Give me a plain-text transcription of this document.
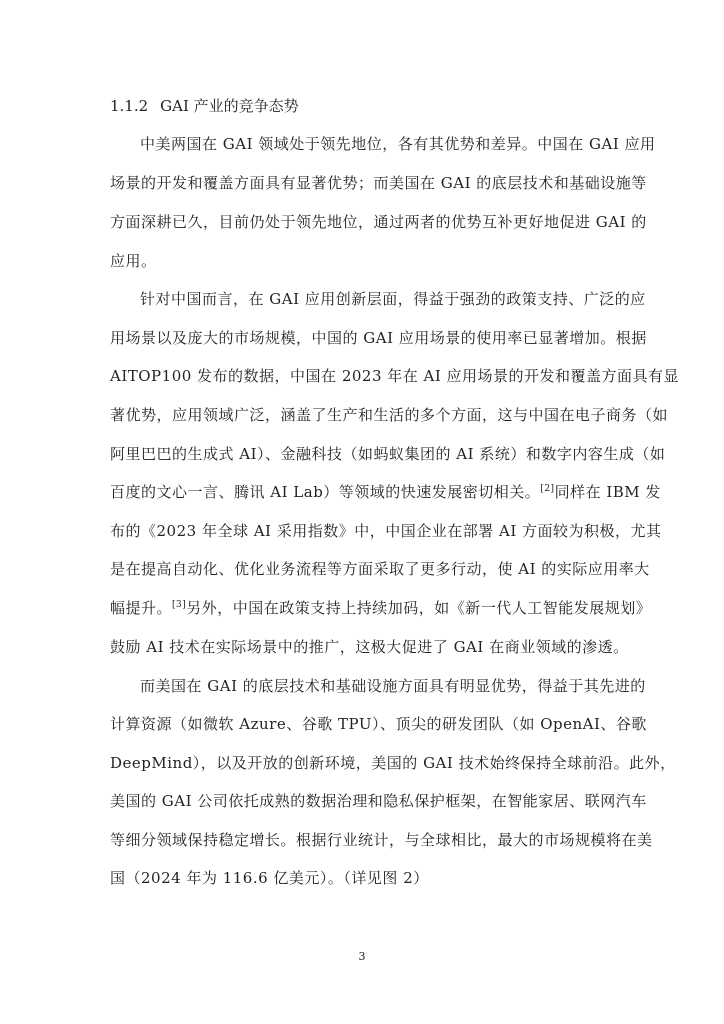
1.1.2 GAI 产业的竞争态势
中美两国在 GAI 领域处于领先地位，各有其优势和差异。中国在 GAI 应用
场景的开发和覆盖方面具有显著优势；而美国在 GAI 的底层技术和基础设施等
方面深耕已久，目前仍处于领先地位，通过两者的优势互补更好地促进 GAI 的
应用。
针对中国而言，在 GAI 应用创新层面，得益于强劲的政策支持、广泛的应
用场景以及庞大的市场规模，中国的 GAI 应用场景的使用率已显著增加。根据
AITOP100 发布的数据，中国在 2023 年在 AI 应用场景的开发和覆盖方面具有显
著优势，应用领域广泛，涵盖了生产和生活的多个方面，这与中国在电子商务（如
阿里巴巴的生成式 AI）、金融科技（如蚂蚁集团的 AI 系统）和数字内容生成（如
百度的文心一言、腾讯 AI Lab）等领域的快速发展密切相关。[2]同样在 IBM 发
布的《2023 年全球 AI 采用指数》中，中国企业在部署 AI 方面较为积极，尤其
是在提高自动化、优化业务流程等方面采取了更多行动，使 AI 的实际应用率大
幅提升。[3]另外，中国在政策支持上持续加码，如《新一代人工智能发展规划》
鼓励 AI 技术在实际场景中的推广，这极大促进了 GAI 在商业领域的渗透。
而美国在 GAI 的底层技术和基础设施方面具有明显优势，得益于其先进的
计算资源（如微软 Azure、谷歌 TPU）、顶尖的研发团队（如 OpenAI、谷歌
DeepMind），以及开放的创新环境，美国的 GAI 技术始终保持全球前沿。此外，
美国的 GAI 公司依托成熟的数据治理和隐私保护框架，在智能家居、联网汽车
等细分领域保持稳定增长。根据行业统计，与全球相比，最大的市场规模将在美
国（2024 年为 116.6 亿美元）。（详见图 2）
3
